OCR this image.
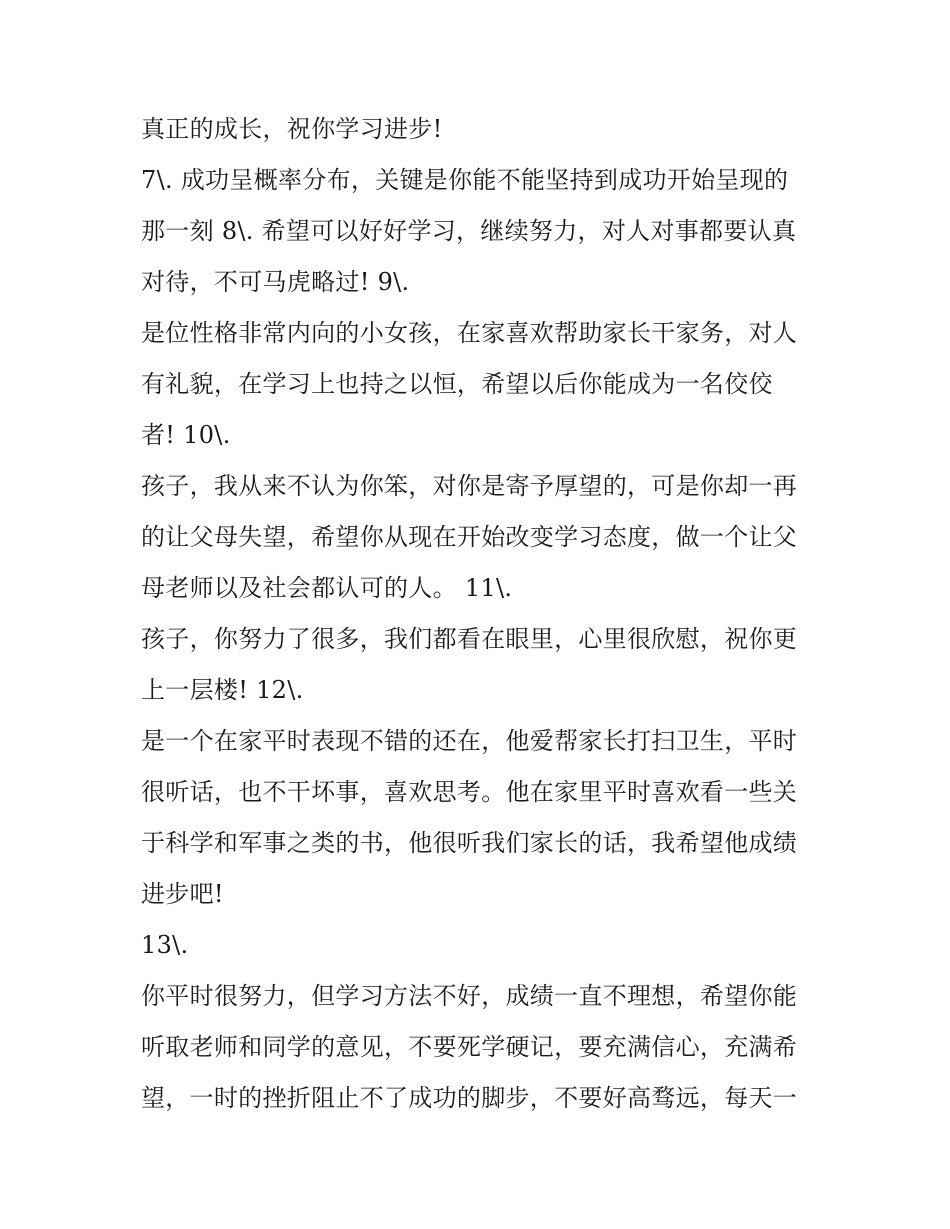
真正的成长，祝你学习进步!
7\. 成功呈概率分布，关键是你能不能坚持到成功开始呈现的
那一刻 8\. 希望可以好好学习，继续努力，对人对事都要认真
对待，不可马虎略过! 9\.
是位性格非常内向的小女孩，在家喜欢帮助家长干家务，对人
有礼貌，在学习上也持之以恒，希望以后你能成为一名佼佼
者! 10\.
孩子，我从来不认为你笨，对你是寄予厚望的，可是你却一再
的让父母失望，希望你从现在开始改变学习态度，做一个让父
母老师以及社会都认可的人。 11\.
孩子，你努力了很多，我们都看在眼里，心里很欣慰，祝你更
上一层楼! 12\.
是一个在家平时表现不错的还在，他爱帮家长打扫卫生，平时
很听话，也不干坏事，喜欢思考。他在家里平时喜欢看一些关
于科学和军事之类的书，他很听我们家长的话，我希望他成绩
进步吧!
13\.
你平时很努力，但学习方法不好，成绩一直不理想，希望你能
听取老师和同学的意见，不要死学硬记，要充满信心，充满希
望，一时的挫折阻止不了成功的脚步，不要好高骛远，每天一
